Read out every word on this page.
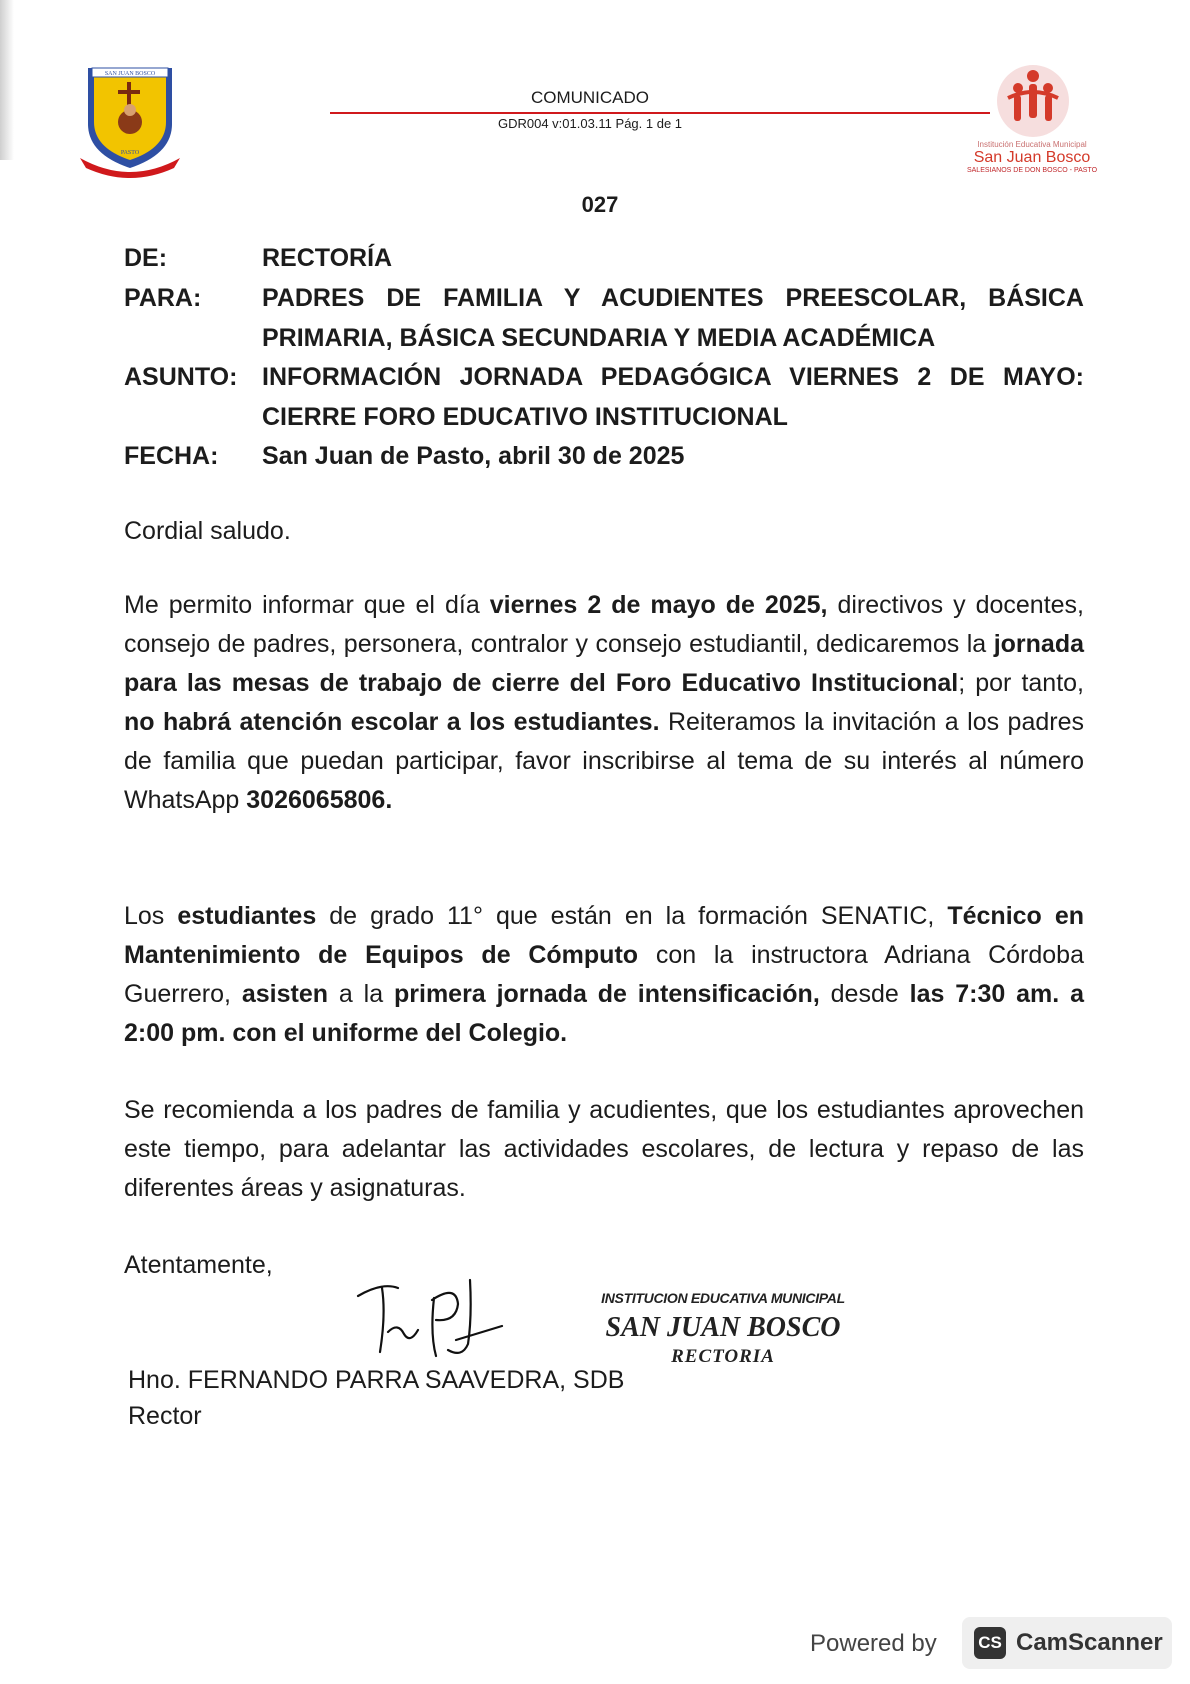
SAN JUAN BOSCO
PASTO
COMUNICADO
GDR004 v:01.03.11 Pág. 1 de 1
Institución Educativa Municipal
San Juan Bosco
SALESIANOS DE DON BOSCO - PASTO
027
DE:	RECTORÍA
PARA: PADRES DE FAMILIA Y ACUDIENTES PREESCOLAR, BÁSICA PRIMARIA, BÁSICA SECUNDARIA Y MEDIA ACADÉMICA
ASUNTO: INFORMACIÓN JORNADA PEDAGÓGICA VIERNES 2 DE MAYO: CIERRE FORO EDUCATIVO INSTITUCIONAL
FECHA: San Juan de Pasto, abril 30 de 2025
Cordial saludo.
Me permito informar que el día viernes 2 de mayo de 2025, directivos y docentes, consejo de padres, personera, contralor y consejo estudiantil, dedicaremos la jornada para las mesas de trabajo de cierre del Foro Educativo Institucional; por tanto, no habrá atención escolar a los estudiantes. Reiteramos la invitación a los padres de familia que puedan participar, favor inscribirse al tema de su interés al número WhatsApp 3026065806.
Los estudiantes de grado 11° que están en la formación SENATIC, Técnico en Mantenimiento de Equipos de Cómputo con la instructora Adriana Córdoba Guerrero, asisten a la primera jornada de intensificación, desde las 7:30 am. a 2:00 pm. con el uniforme del Colegio.
Se recomienda a los padres de familia y acudientes, que los estudiantes aprovechen este tiempo, para adelantar las actividades escolares, de lectura y repaso de las diferentes áreas y asignaturas.
Atentamente,
INSTITUCION EDUCATIVA MUNICIPAL
SAN JUAN BOSCO
RECTORIA
Hno. FERNANDO PARRA SAAVEDRA, SDB
Rector
Powered by CS CamScanner
